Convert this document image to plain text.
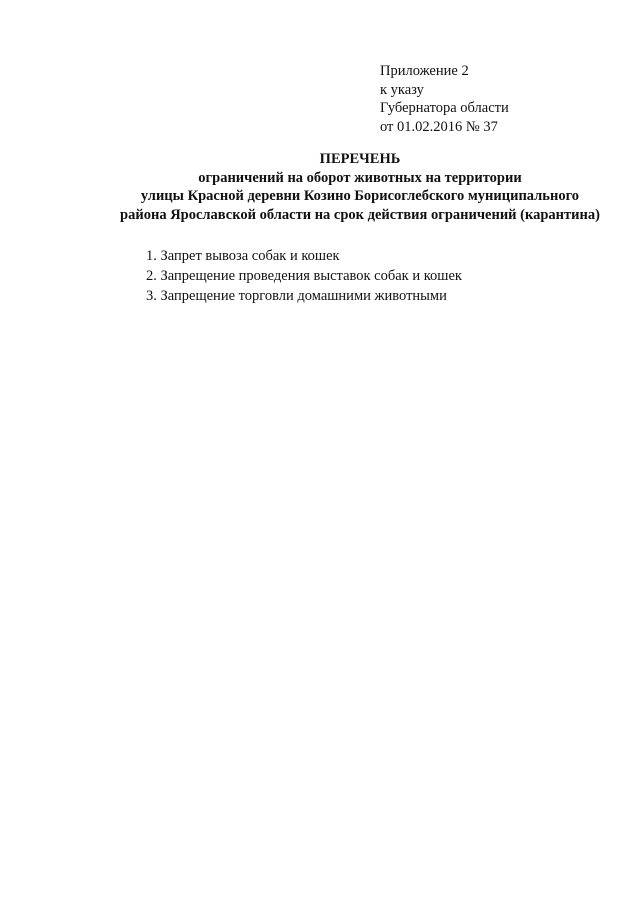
Приложение 2
к указу
Губернатора области
от 01.02.2016 № 37
ПЕРЕЧЕНЬ
ограничений на оборот животных на территории
улицы Красной деревни Козино Борисоглебского муниципального
района Ярославской области на срок действия ограничений (карантина)
1. Запрет вывоза собак и кошек
2. Запрещение проведения выставок собак и кошек
3. Запрещение торговли домашними животными
